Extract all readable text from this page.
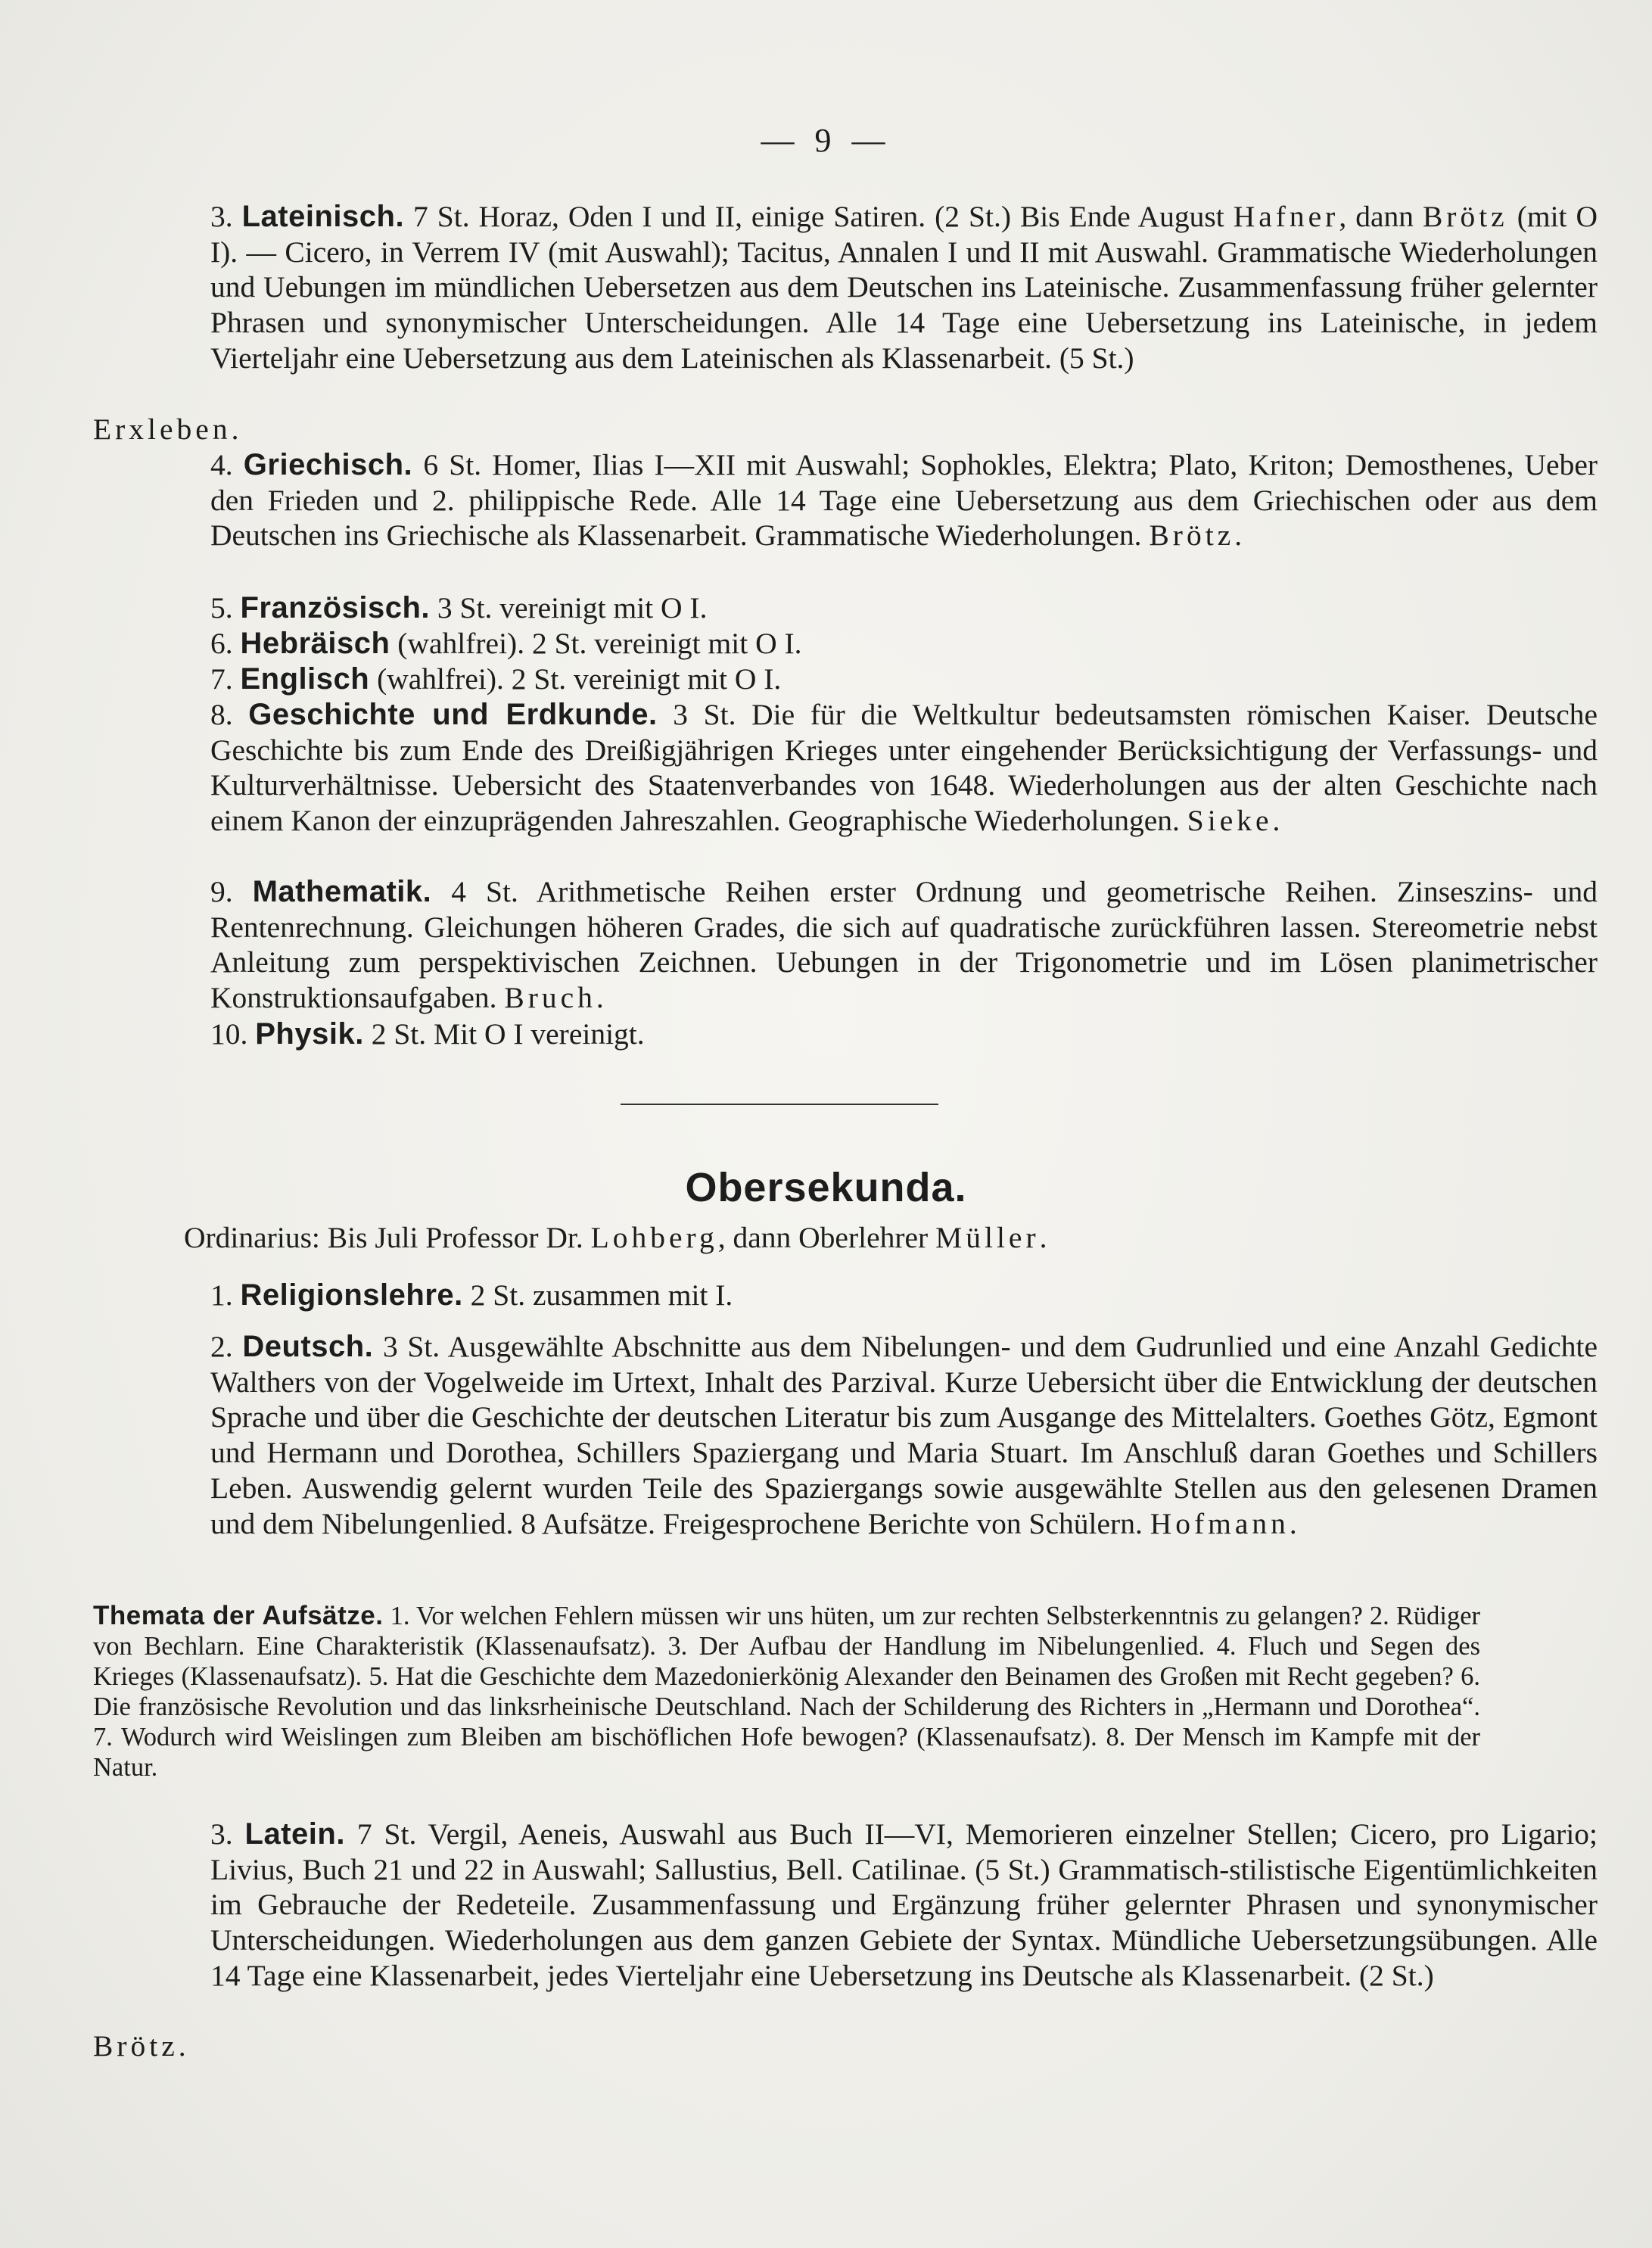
— 9 —
3. Lateinisch. 7 St. Horaz, Oden I und II, einige Satiren. (2 St.) Bis Ende August Hafner, dann Brötz (mit O I). — Cicero, in Verrem IV (mit Auswahl); Tacitus, Annalen I und II mit Auswahl. Grammatische Wiederholungen und Uebungen im mündlichen Uebersetzen aus dem Deutschen ins Lateinische. Zusammenfassung früher gelernter Phrasen und synonymischer Unterscheidungen. Alle 14 Tage eine Uebersetzung ins Lateinische, in jedem Vierteljahr eine Uebersetzung aus dem Lateinischen als Klassenarbeit. (5 St.)
Erxleben.
4. Griechisch. 6 St. Homer, Ilias I—XII mit Auswahl; Sophokles, Elektra; Plato, Kriton; Demosthenes, Ueber den Frieden und 2. philippische Rede. Alle 14 Tage eine Uebersetzung aus dem Griechischen oder aus dem Deutschen ins Griechische als Klassenarbeit. Grammatische Wiederholungen. Brötz.
5. Französisch. 3 St. vereinigt mit O I.
6. Hebräisch (wahlfrei). 2 St. vereinigt mit O I.
7. Englisch (wahlfrei). 2 St. vereinigt mit O I.
8. Geschichte und Erdkunde. 3 St. Die für die Weltkultur bedeutsamsten römischen Kaiser. Deutsche Geschichte bis zum Ende des Dreißigjährigen Krieges unter eingehender Berücksichtigung der Verfassungs- und Kulturverhältnisse. Uebersicht des Staatenverbandes von 1648. Wiederholungen aus der alten Geschichte nach einem Kanon der einzuprägenden Jahreszahlen. Geographische Wiederholungen. Sieke.
9. Mathematik. 4 St. Arithmetische Reihen erster Ordnung und geometrische Reihen. Zinseszins- und Rentenrechnung. Gleichungen höheren Grades, die sich auf quadratische zurückführen lassen. Stereometrie nebst Anleitung zum perspektivischen Zeichnen. Uebungen in der Trigonometrie und im Lösen planimetrischer Konstruktionsaufgaben. Bruch.
10. Physik. 2 St. Mit O I vereinigt.
Obersekunda.
Ordinarius: Bis Juli Professor Dr. Lohberg, dann Oberlehrer Müller.
1. Religionslehre. 2 St. zusammen mit I.
2. Deutsch. 3 St. Ausgewählte Abschnitte aus dem Nibelungen- und dem Gudrunlied und eine Anzahl Gedichte Walthers von der Vogelweide im Urtext, Inhalt des Parzival. Kurze Uebersicht über die Entwicklung der deutschen Sprache und über die Geschichte der deutschen Literatur bis zum Ausgange des Mittelalters. Goethes Götz, Egmont und Hermann und Dorothea, Schillers Spaziergang und Maria Stuart. Im Anschluß daran Goethes und Schillers Leben. Auswendig gelernt wurden Teile des Spaziergangs sowie ausgewählte Stellen aus den gelesenen Dramen und dem Nibelungenlied. 8 Aufsätze. Freigesprochene Berichte von Schülern. Hofmann.
Themata der Aufsätze. 1. Vor welchen Fehlern müssen wir uns hüten, um zur rechten Selbsterkenntnis zu gelangen? 2. Rüdiger von Bechlarn. Eine Charakteristik (Klassenaufsatz). 3. Der Aufbau der Handlung im Nibelungenlied. 4. Fluch und Segen des Krieges (Klassenaufsatz). 5. Hat die Geschichte dem Mazedonierkönig Alexander den Beinamen des Großen mit Recht gegeben? 6. Die französische Revolution und das linksrheinische Deutschland. Nach der Schilderung des Richters in „Hermann und Dorothea“. 7. Wodurch wird Weislingen zum Bleiben am bischöflichen Hofe bewogen? (Klassenaufsatz). 8. Der Mensch im Kampfe mit der Natur.
3. Latein. 7 St. Vergil, Aeneis, Auswahl aus Buch II—VI, Memorieren einzelner Stellen; Cicero, pro Ligario; Livius, Buch 21 und 22 in Auswahl; Sallustius, Bell. Catilinae. (5 St.) Grammatisch-stilistische Eigentümlichkeiten im Gebrauche der Redeteile. Zusammenfassung und Ergänzung früher gelernter Phrasen und synonymischer Unterscheidungen. Wiederholungen aus dem ganzen Gebiete der Syntax. Mündliche Uebersetzungsübungen. Alle 14 Tage eine Klassenarbeit, jedes Vierteljahr eine Uebersetzung ins Deutsche als Klassenarbeit. (2 St.)
Brötz.
